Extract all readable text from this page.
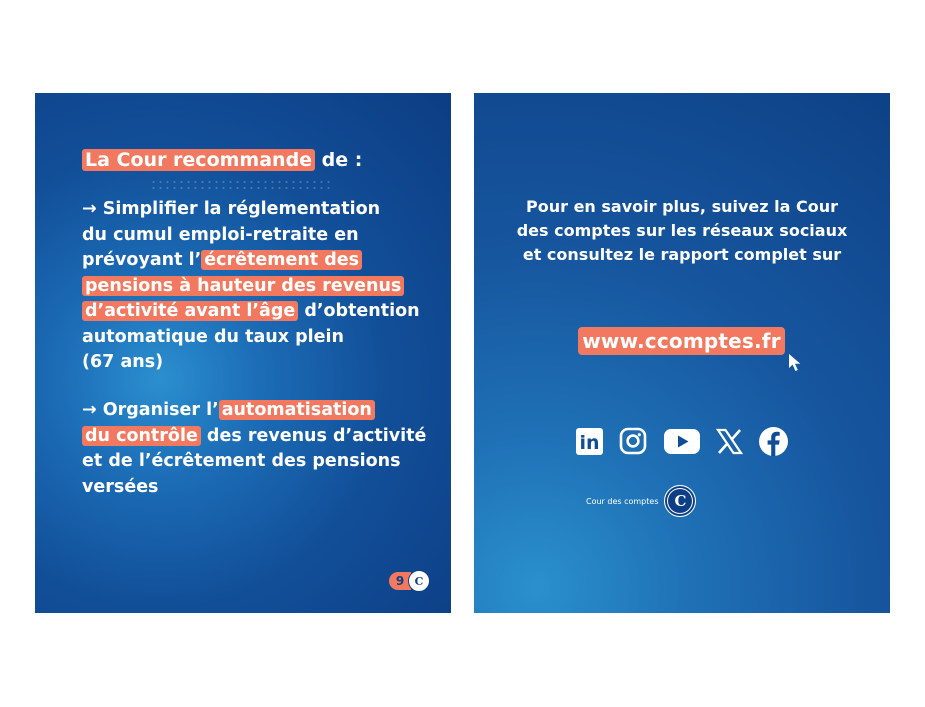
La Cour recommande de :

→ Simplifier la réglementation
du cumul emploi-retraite en
prévoyant l’ écrêtement des
pensions à hauteur des revenus
d’activité avant l’âge d’obtention
automatique du taux plein
(67 ans)

→ Organiser l’ automatisation
du contrôle des revenus d’activité
et de l’écrêtement des pensions
versées

9 C

Pour en savoir plus, suivez la Cour
des comptes sur les réseaux sociaux
et consultez le rapport complet sur

www.ccomptes.fr
in
Cour des comptes C
